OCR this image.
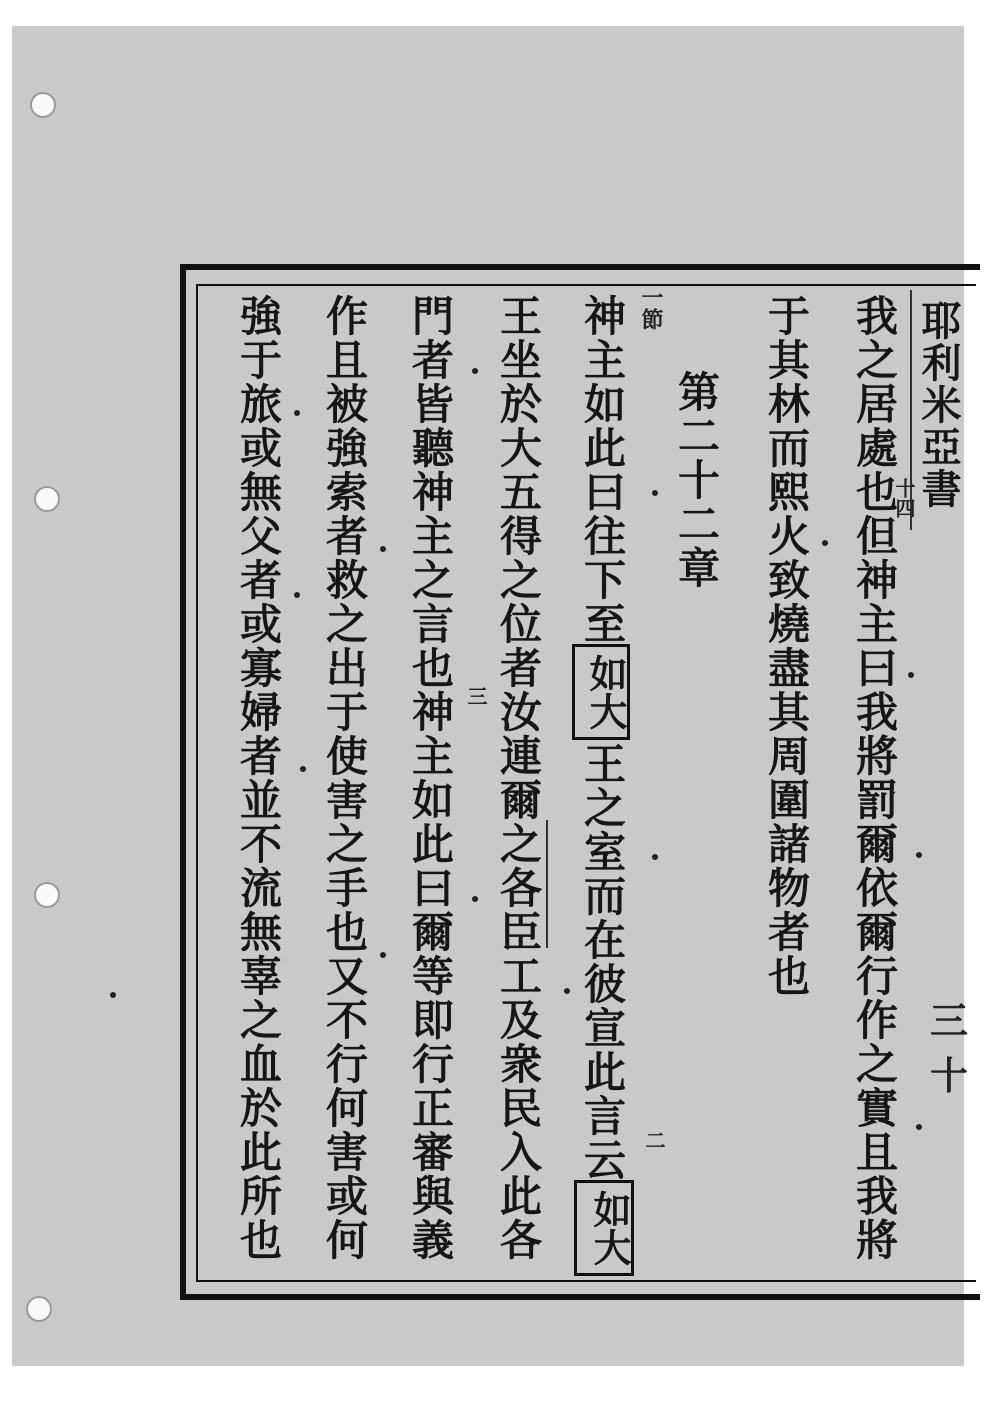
耶利米亞書
我之居處也但神主曰我將罰爾依爾行作之實且我將
十四
于其林而熙火致燒盡其周圍諸物者也
第二十二章
一節
神主如此曰往下至
如大
王之室而在彼宣此言云 二
如大
王坐於大五得之位者汝連爾之各臣工及衆民入此各
門者皆聽神主之言也神主如此曰爾等即行正審與義 三
作且被強索者救之出于使害之手也又不行何害或何
強于旅或無父者或寡婦者並不流無辜之血於此所也	三十
